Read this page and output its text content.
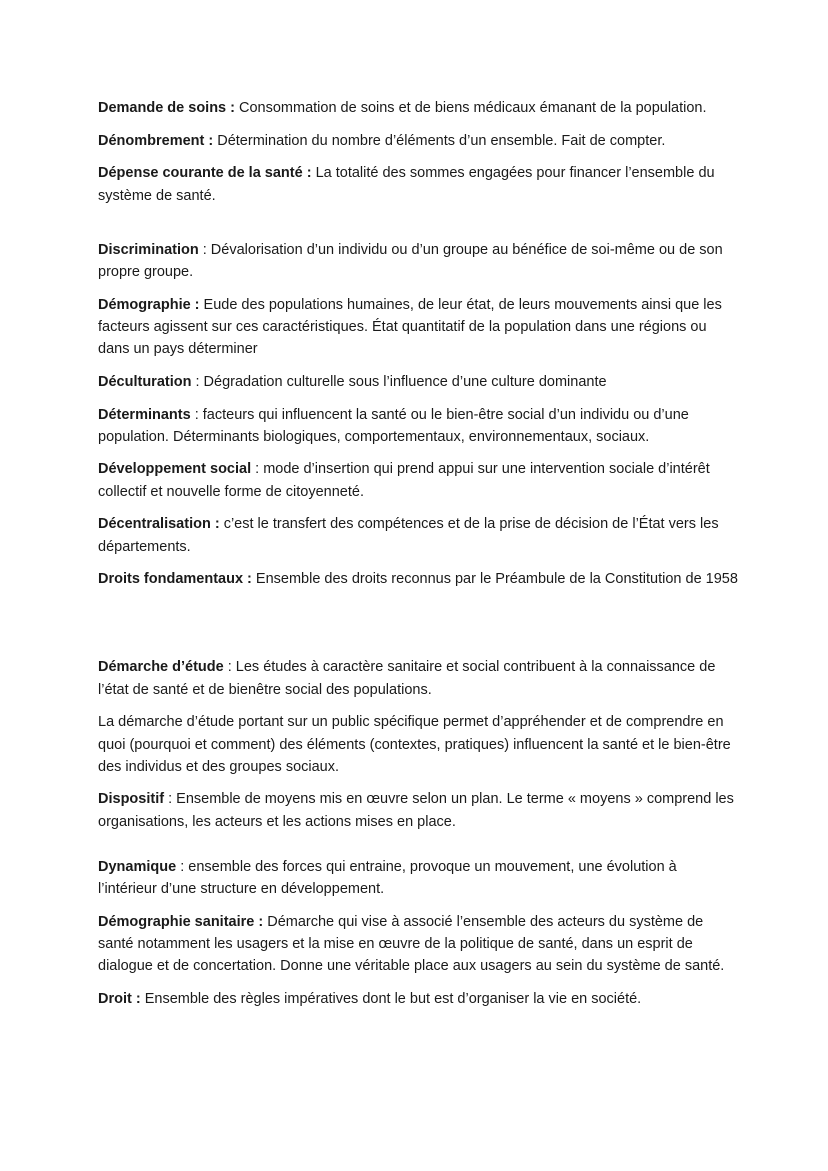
Demande de soins : Consommation de soins et de biens médicaux émanant de la population.

Dénombrement : Détermination du nombre d’éléments d’un ensemble. Fait de compter.

Dépense courante de la santé : La totalité des sommes engagées pour financer l’ensemble du système de santé.

Discrimination : Dévalorisation d’un individu ou d’un groupe au bénéfice de soi-même ou de son propre groupe.

Démographie : Eude des populations humaines, de leur état, de leurs mouvements ainsi que les facteurs agissent sur ces caractéristiques. État quantitatif de la population dans une régions ou dans un pays déterminer

Déculturation : Dégradation culturelle sous l’influence d’une culture dominante

Déterminants : facteurs qui influencent la santé ou le bien-être social d’un individu ou d’une population. Déterminants biologiques, comportementaux, environnementaux, sociaux.

Développement social : mode d’insertion qui prend appui sur une intervention sociale d’intérêt collectif et nouvelle forme de citoyenneté.

Décentralisation : c’est le transfert des compétences et de la prise de décision de l’État vers les départements.

Droits fondamentaux : Ensemble des droits reconnus par le Préambule de la Constitution de 1958

Démarche d’étude : Les études à caractère sanitaire et social contribuent à la connaissance de l’état de santé et de bienêtre social des populations.

La démarche d’étude portant sur un public spécifique permet d’appréhender et de comprendre en quoi (pourquoi et comment) des éléments (contextes, pratiques) influencent la santé et le bien-être des individus et des groupes sociaux.

Dispositif : Ensemble de moyens mis en œuvre selon un plan. Le terme « moyens » comprend les organisations, les acteurs et les actions mises en place.

Dynamique : ensemble des forces qui entraine, provoque un mouvement, une évolution à l’intérieur d’une structure en développement.

Démographie sanitaire : Démarche qui vise à associé l’ensemble des acteurs du système de santé notamment les usagers et la mise en œuvre de la politique de santé, dans un esprit de dialogue et de concertation. Donne une véritable place aux usagers au sein du système de santé.

Droit : Ensemble des règles impératives dont le but est d’organiser la vie en société.
